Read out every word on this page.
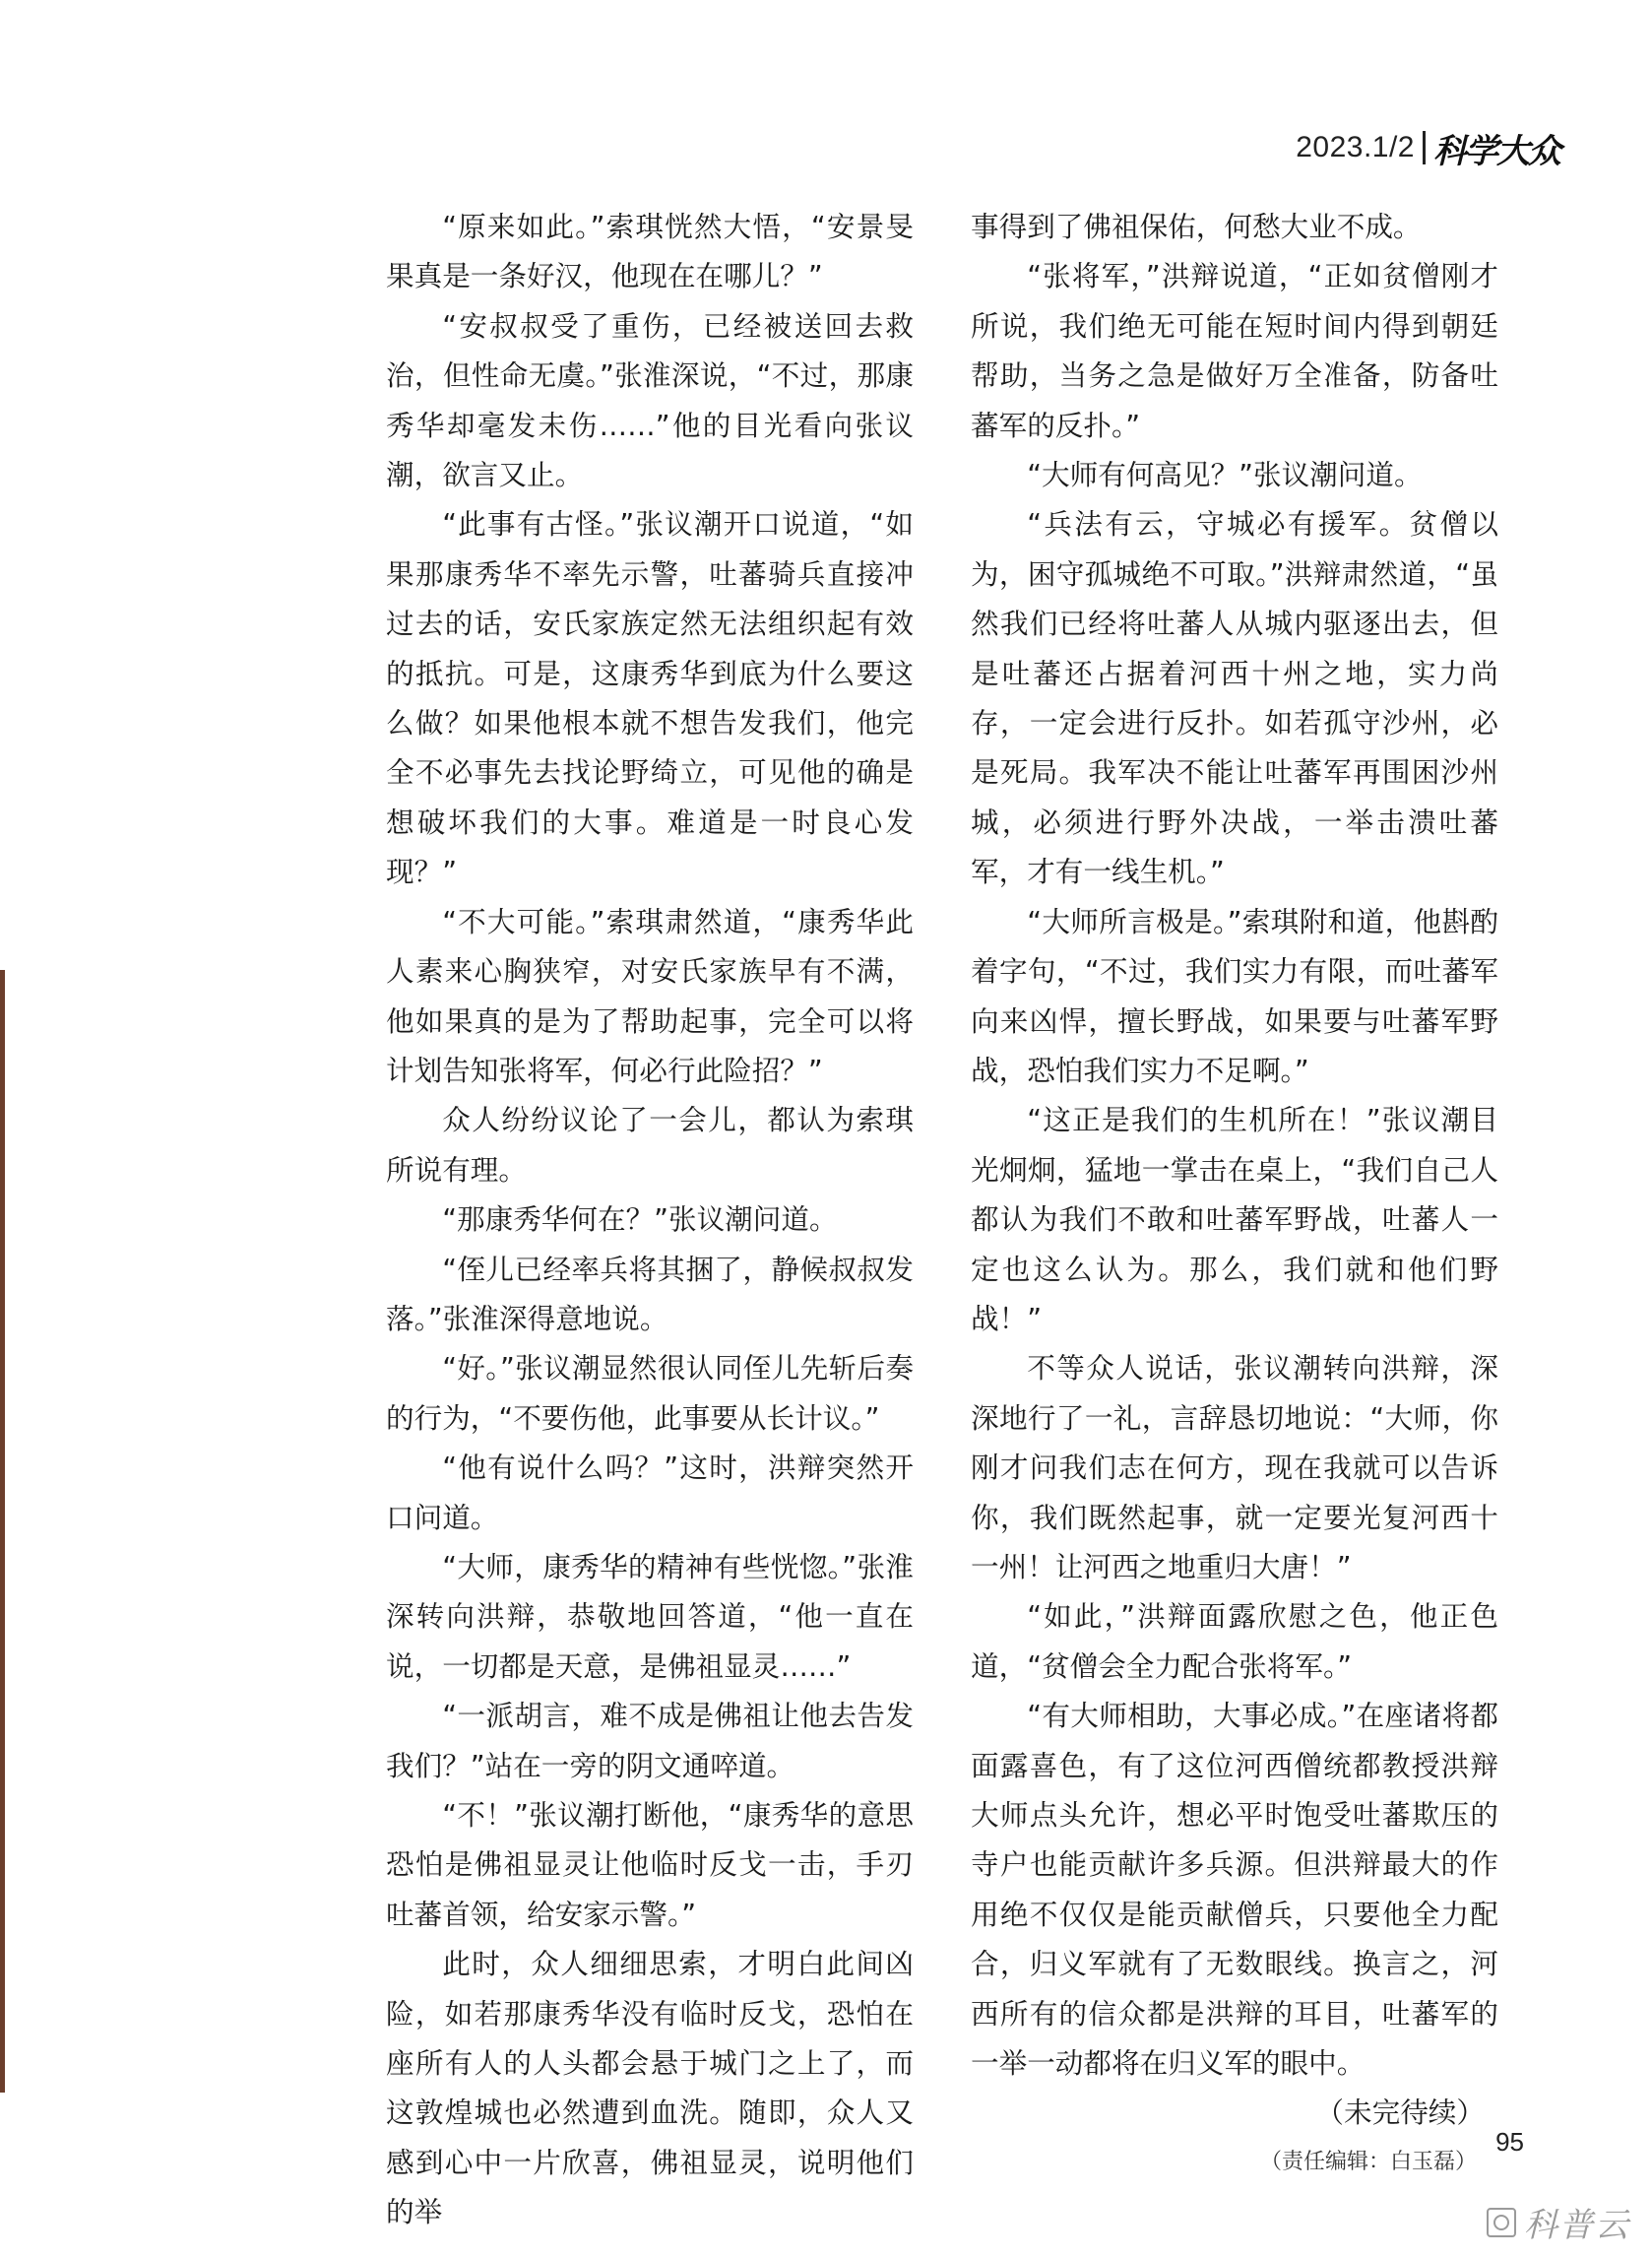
2023.1/2 科学大众

“原来如此。”索琪恍然大悟，“安景旻果真是一条好汉，他现在在哪儿？”

“安叔叔受了重伤，已经被送回去救治，但性命无虞。”张淮深说，“不过，那康秀华却毫发未伤……”他的目光看向张议潮，欲言又止。

“此事有古怪。”张议潮开口说道，“如果那康秀华不率先示警，吐蕃骑兵直接冲过去的话，安氏家族定然无法组织起有效的抵抗。可是，这康秀华到底为什么要这么做？如果他根本就不想告发我们，他完全不必事先去找论野绮立，可见他的确是想破坏我们的大事。难道是一时良心发现？”

“不大可能。”索琪肃然道，“康秀华此人素来心胸狭窄，对安氏家族早有不满，他如果真的是为了帮助起事，完全可以将计划告知张将军，何必行此险招？”

众人纷纷议论了一会儿，都认为索琪所说有理。

“那康秀华何在？”张议潮问道。

“侄儿已经率兵将其捆了，静候叔叔发落。”张淮深得意地说。

“好。”张议潮显然很认同侄儿先斩后奏的行为，“不要伤他，此事要从长计议。”

“他有说什么吗？”这时，洪辩突然开口问道。

“大师，康秀华的精神有些恍惚。”张淮深转向洪辩，恭敬地回答道，“他一直在说，一切都是天意，是佛祖显灵……”

“一派胡言，难不成是佛祖让他去告发我们？”站在一旁的阴文通啐道。

“不！”张议潮打断他，“康秀华的意思恐怕是佛祖显灵让他临时反戈一击，手刃吐蕃首领，给安家示警。”

此时，众人细细思索，才明白此间凶险，如若那康秀华没有临时反戈，恐怕在座所有人的人头都会悬于城门之上了，而这敦煌城也必然遭到血洗。随即，众人又感到心中一片欣喜，佛祖显灵，说明他们的举

事得到了佛祖保佑，何愁大业不成。

“张将军，”洪辩说道，“正如贫僧刚才所说，我们绝无可能在短时间内得到朝廷帮助，当务之急是做好万全准备，防备吐蕃军的反扑。”

“大师有何高见？”张议潮问道。

“兵法有云，守城必有援军。贫僧以为，困守孤城绝不可取。”洪辩肃然道，“虽然我们已经将吐蕃人从城内驱逐出去，但是吐蕃还占据着河西十州之地，实力尚存，一定会进行反扑。如若孤守沙州，必是死局。我军决不能让吐蕃军再围困沙州城，必须进行野外决战，一举击溃吐蕃军，才有一线生机。”

“大师所言极是。”索琪附和道，他斟酌着字句，“不过，我们实力有限，而吐蕃军向来凶悍，擅长野战，如果要与吐蕃军野战，恐怕我们实力不足啊。”

“这正是我们的生机所在！”张议潮目光炯炯，猛地一掌击在桌上，“我们自己人都认为我们不敢和吐蕃军野战，吐蕃人一定也这么认为。那么，我们就和他们野战！”

不等众人说话，张议潮转向洪辩，深深地行了一礼，言辞恳切地说：“大师，你刚才问我们志在何方，现在我就可以告诉你，我们既然起事，就一定要光复河西十一州！让河西之地重归大唐！”

“如此，”洪辩面露欣慰之色，他正色道，“贫僧会全力配合张将军。”

“有大师相助，大事必成。”在座诸将都面露喜色，有了这位河西僧统都教授洪辩大师点头允许，想必平时饱受吐蕃欺压的寺户也能贡献许多兵源。但洪辩最大的作用绝不仅仅是能贡献僧兵，只要他全力配合，归义军就有了无数眼线。换言之，河西所有的信众都是洪辩的耳目，吐蕃军的一举一动都将在归义军的眼中。

（未完待续）

（责任编辑：白玉磊）

95
科普云
